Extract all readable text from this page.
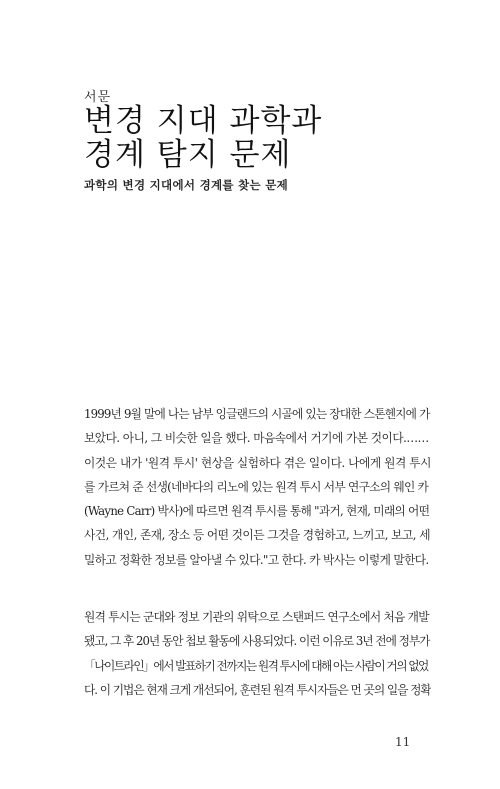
서문
변경 지대 과학과
경계 탐지 문제
과학의 변경 지대에서 경계를 찾는 문제

1999년 9월 말에 나는 남부 잉글랜드의 시골에 있는 장대한 스톤헨지에 가
보았다. 아니, 그 비슷한 일을 했다. 마음속에서 거기에 가본 것이다.……
이것은 내가 '원격 투시' 현상을 실험하다 겪은 일이다. 나에게 원격 투시
를 가르쳐 준 선생(네바다의 리노에 있는 원격 투시 서부 연구소의 웨인 카
(Wayne Carr) 박사)에 따르면 원격 투시를 통해 "과거, 현재, 미래의 어떤
사건, 개인, 존재, 장소 등 어떤 것이든 그것을 경험하고, 느끼고, 보고, 세
밀하고 정확한 정보를 알아낼 수 있다."고 한다. 카 박사는 이렇게 말한다.

원격 투시는 군대와 정보 기관의 위탁으로 스탠퍼드 연구소에서 처음 개발
됐고, 그 후 20년 동안 첩보 활동에 사용되었다. 이런 이유로 3년 전에 정부가
「나이트라인」에서 발표하기 전까지는 원격 투시에 대해 아는 사람이 거의 없었
다. 이 기법은 현재 크게 개선되어, 훈련된 원격 투시자들은 먼 곳의 일을 정확

11
